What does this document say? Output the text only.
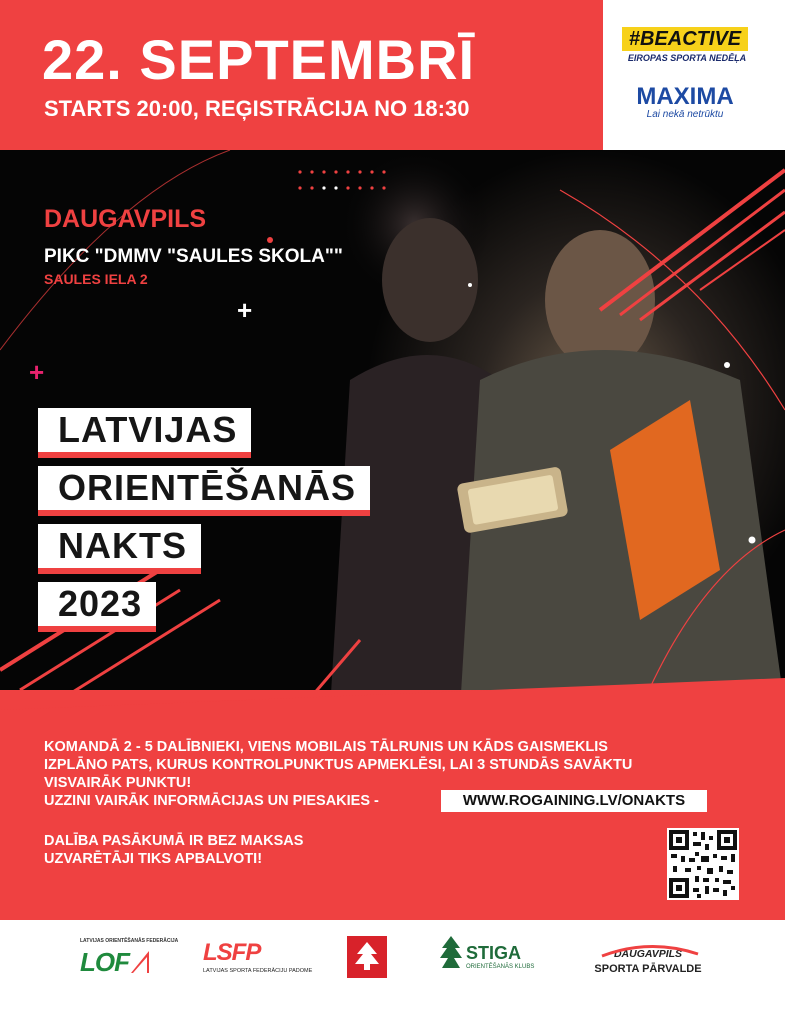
22. SEPTEMBRĪ
STARTS 20:00, REĢISTRĀCIJA NO 18:30
#BEACTIVE
EIROPAS SPORTA NEDĒĻA
MAXIMA
Lai nekā netrūktu
DAUGAVPILS
PIKC "DMMV "SAULES SKOLA""
SAULES IELA 2
+
+
LATVIJAS
ORIENTĒŠANĀS
NAKTS
2023
KOMANDĀ 2 - 5 DALĪBNIEKI, VIENS MOBILAIS TĀLRUNIS UN KĀDS GAISMEKLIS
IZPLĀNO PATS, KURUS KONTROLPUNKTUS APMEKLĒSI, LAI 3 STUNDĀS SAVĀKTU
VISVAIRĀK PUNKTU!
UZZINI VAIRĀK INFORMĀCIJAS UN PIESAKIES -	WWW.ROGAINING.LV/ONAKTS
DALĪBA PASĀKUMĀ IR BEZ MAKSAS
UZVARĒTĀJI TIKS APBALVOTI!
LATVIJAS ORIENTĒŠANĀS FEDERĀCIJA
LOF	LSFP
LATVIJAS SPORTA FEDERĀCIJU PADOME
STIGA
ORIENTĒŠANĀS KLUBS
DAUGAVPILS
SPORTA PĀRVALDE
